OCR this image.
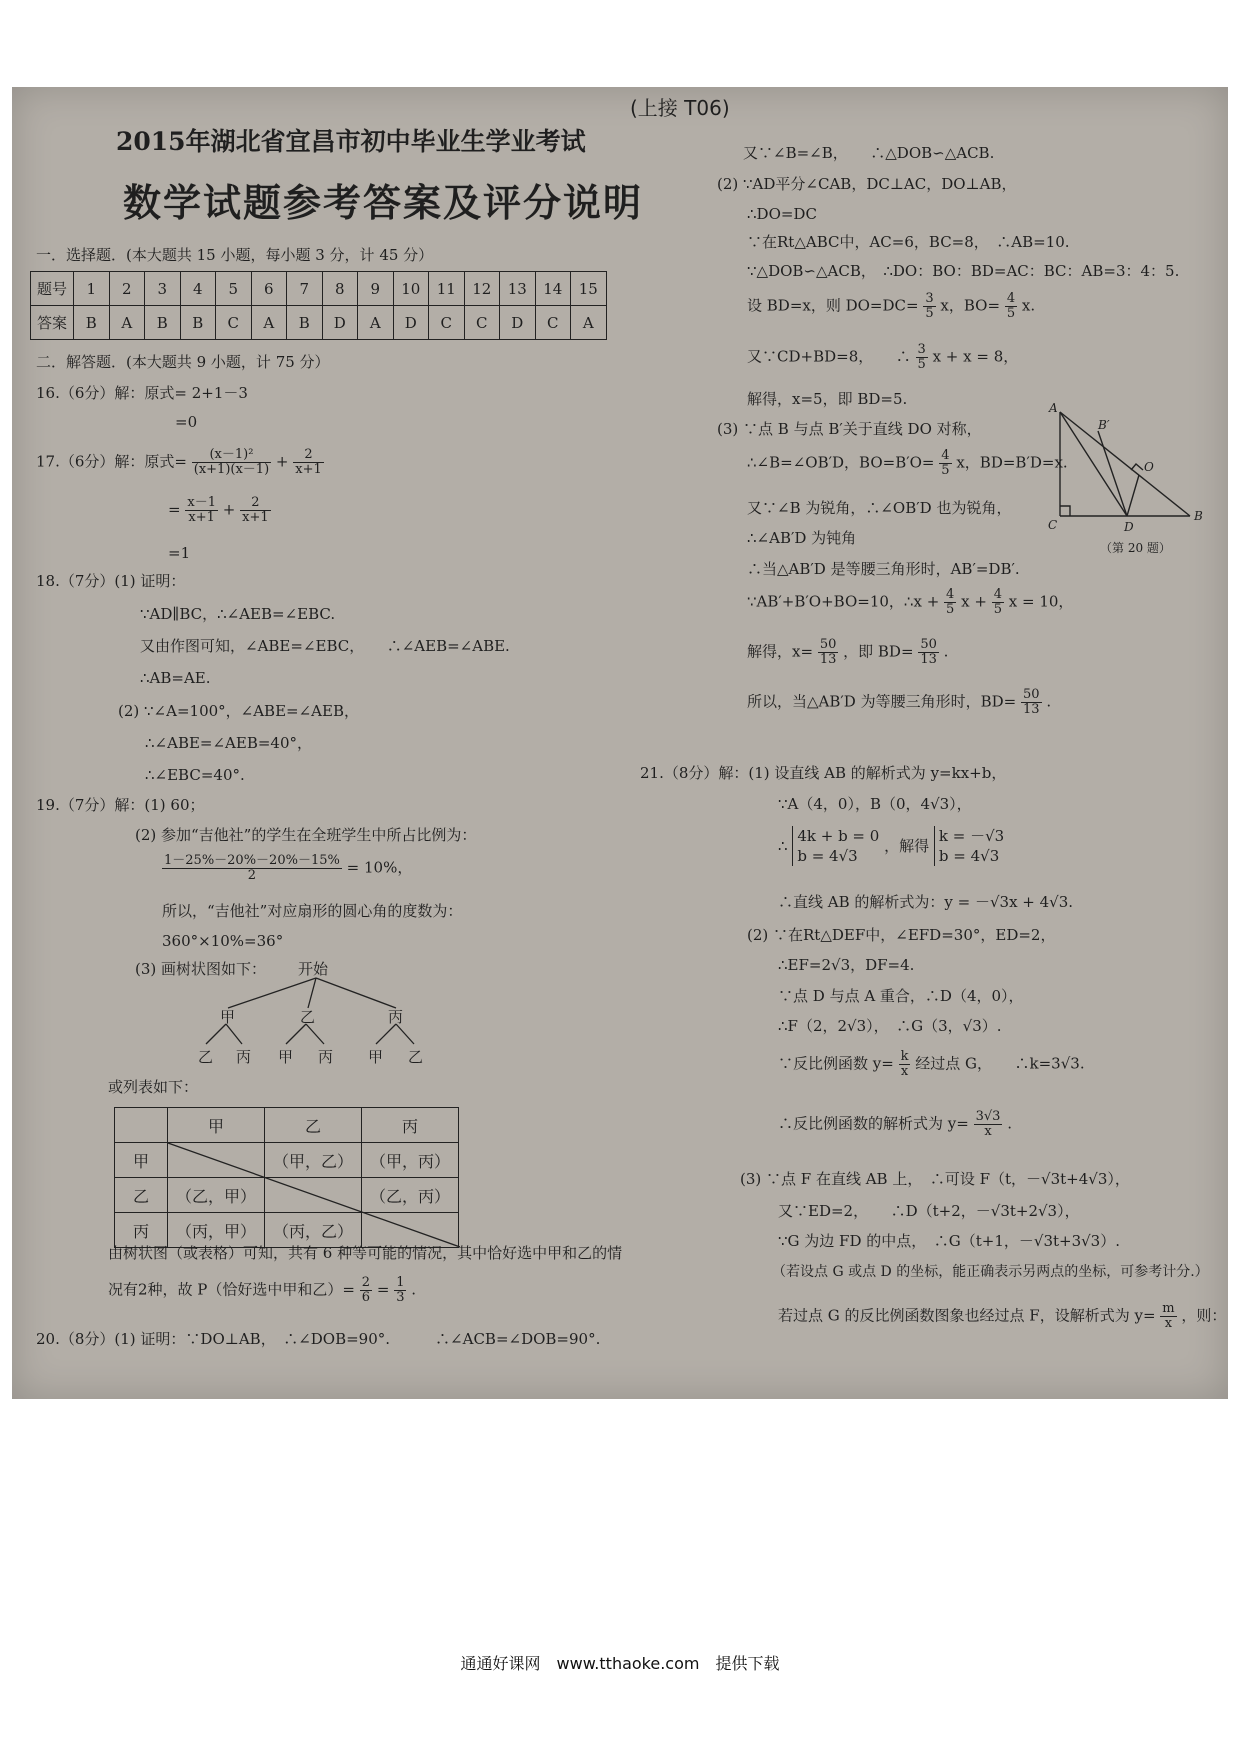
2015年湖北省宜昌市初中毕业生学业考试
数学试题参考答案及评分说明
(上接 T06)
一．选择题．(本大题共 15 小题，每小题 3 分，计 45 分）
题号	1	2	3	4	5	6	7	8	9	10	11	12	13	14	15
答案	B	A	B	B	C	A	B	D	A	D	C	C	D	C	A
二．解答题．(本大题共 9 小题，计 75 分）
16.（6分）解：原式= 2+1－3
=0
17.（6分）解：原式= $\frac{\text{(x－1)²}}{(x+1)(x-1)} + \frac{2}{x+1}$
= $\frac{x-1}{x+1} + \frac{2}{x+1}$
=1
18.（7分）(1) 证明：
∵AD∥BC，∴∠AEB=∠EBC.
又由作图可知，∠ABE=∠EBC，　　∴∠AEB=∠ABE.
∴AB=AE.
(2) ∵∠A=100°，∠ABE=∠AEB，
∴∠ABE=∠AEB=40°，
∴∠EBC=40°.
19.（7分）解：(1) 60；
(2) 参加“吉他社”的学生在全班学生中所占比例为：
$\frac{1-25\%-20\%-20\%-15\%}{2} = 10\%$，
所以，“吉他社”对应扇形的圆心角的度数为：
360°×10%=36°
(3) 画树状图如下： 开始
甲	乙	丙
乙 丙 甲 丙 甲 乙
或列表如下：
	甲	乙	丙
甲		（甲，乙）	（甲，丙）
乙	（乙，甲）		（乙，丙）
丙	（丙，甲）	（丙，乙）	
由树状图（或表格）可知，共有 6 种等可能的情况，其中恰好选中甲和乙的情
况有2种，故 P（恰好选中甲和乙）= $\frac{2}{6} = \frac{1}{3}$ .
20.（8分）(1) 证明：∵DO⊥AB，　∴∠DOB=90°.　　　∴∠ACB=∠DOB=90°.
又∵∠B=∠B，　　∴△DOB∽△ACB.
(2) ∵AD平分∠CAB，DC⊥AC，DO⊥AB，
∴DO=DC
∵在Rt△ABC中，AC=6，BC=8，　∴AB=10.
∵△DOB∽△ACB，　∴DO：BO：BD=AC：BC：AB=3：4：5.
设 BD=x，则 $DO=DC= \frac{3}{5}$ x，$BO= \frac{4}{5} x$.
又∵CD+BD=8，　　∴ $\frac{3}{5}$ x + x = 8，
解得，x=5，即 BD=5.
(3) ∵点 B 与点 B′关于直线 DO 对称，
∴∠B=∠OB′D，$BO=B'O= \frac{4}{5}$ x，BD=B′D=x.
又∵∠B 为锐角，∴∠OB′D 也为锐角，
∴∠AB′D 为钝角
∴当△AB′D 是等腰三角形时，AB′=DB′.
∵AB′+B′O+BO=10，∴x + $\frac{4}{5}$ $x + \frac{4}{5}$ x = 10，
解得，$x= \frac{50}{13}$ ，即 $BD= \frac{50}{13}$ .
所以，当△AB′D 为等腰三角形时，$BD= \frac{50}{13}$ .
A
B′
O
C	D
B
（第 20 题）
21.（8分）解：(1) 设直线 AB 的解析式为 y=kx+b，
∵A（4，0），B（0，4√3），
∴
4k + b = 0
b = 4√3
，解得
k = －√3
b = 4√3
∴直线 AB 的解析式为：y = －√3x + 4√3.
(2) ∵在Rt△DEF中，∠EFD=30°，ED=2，
∴EF=2√3，DF=4.
∵点 D 与点 A 重合，∴D（4，0），
∴F（2，2√3），　∴G（3，√3）.
∵反比例函数 $y= \frac{k}{x}$ 经过点 G，　　∴k=3√3.
∴反比例函数的解析式为 $y= \frac{3√3}{x}$ .
(3) ∵点 F 在直线 AB 上，　∴可设 F（t，－√3t+4√3），
又∵ED=2，　　∴D（t+2，－√3t+2√3），
∵G 为边 FD 的中点，　∴G（t+1，－√3t+3√3）.
（若设点 G 或点 D 的坐标，能正确表示另两点的坐标，可参考计分.）
若过点 G 的反比例函数图象也经过点 F，设解析式为 $y= \frac{m}{x}$ ，则：
通通好课网　www.tthaoke.com　提供下载
